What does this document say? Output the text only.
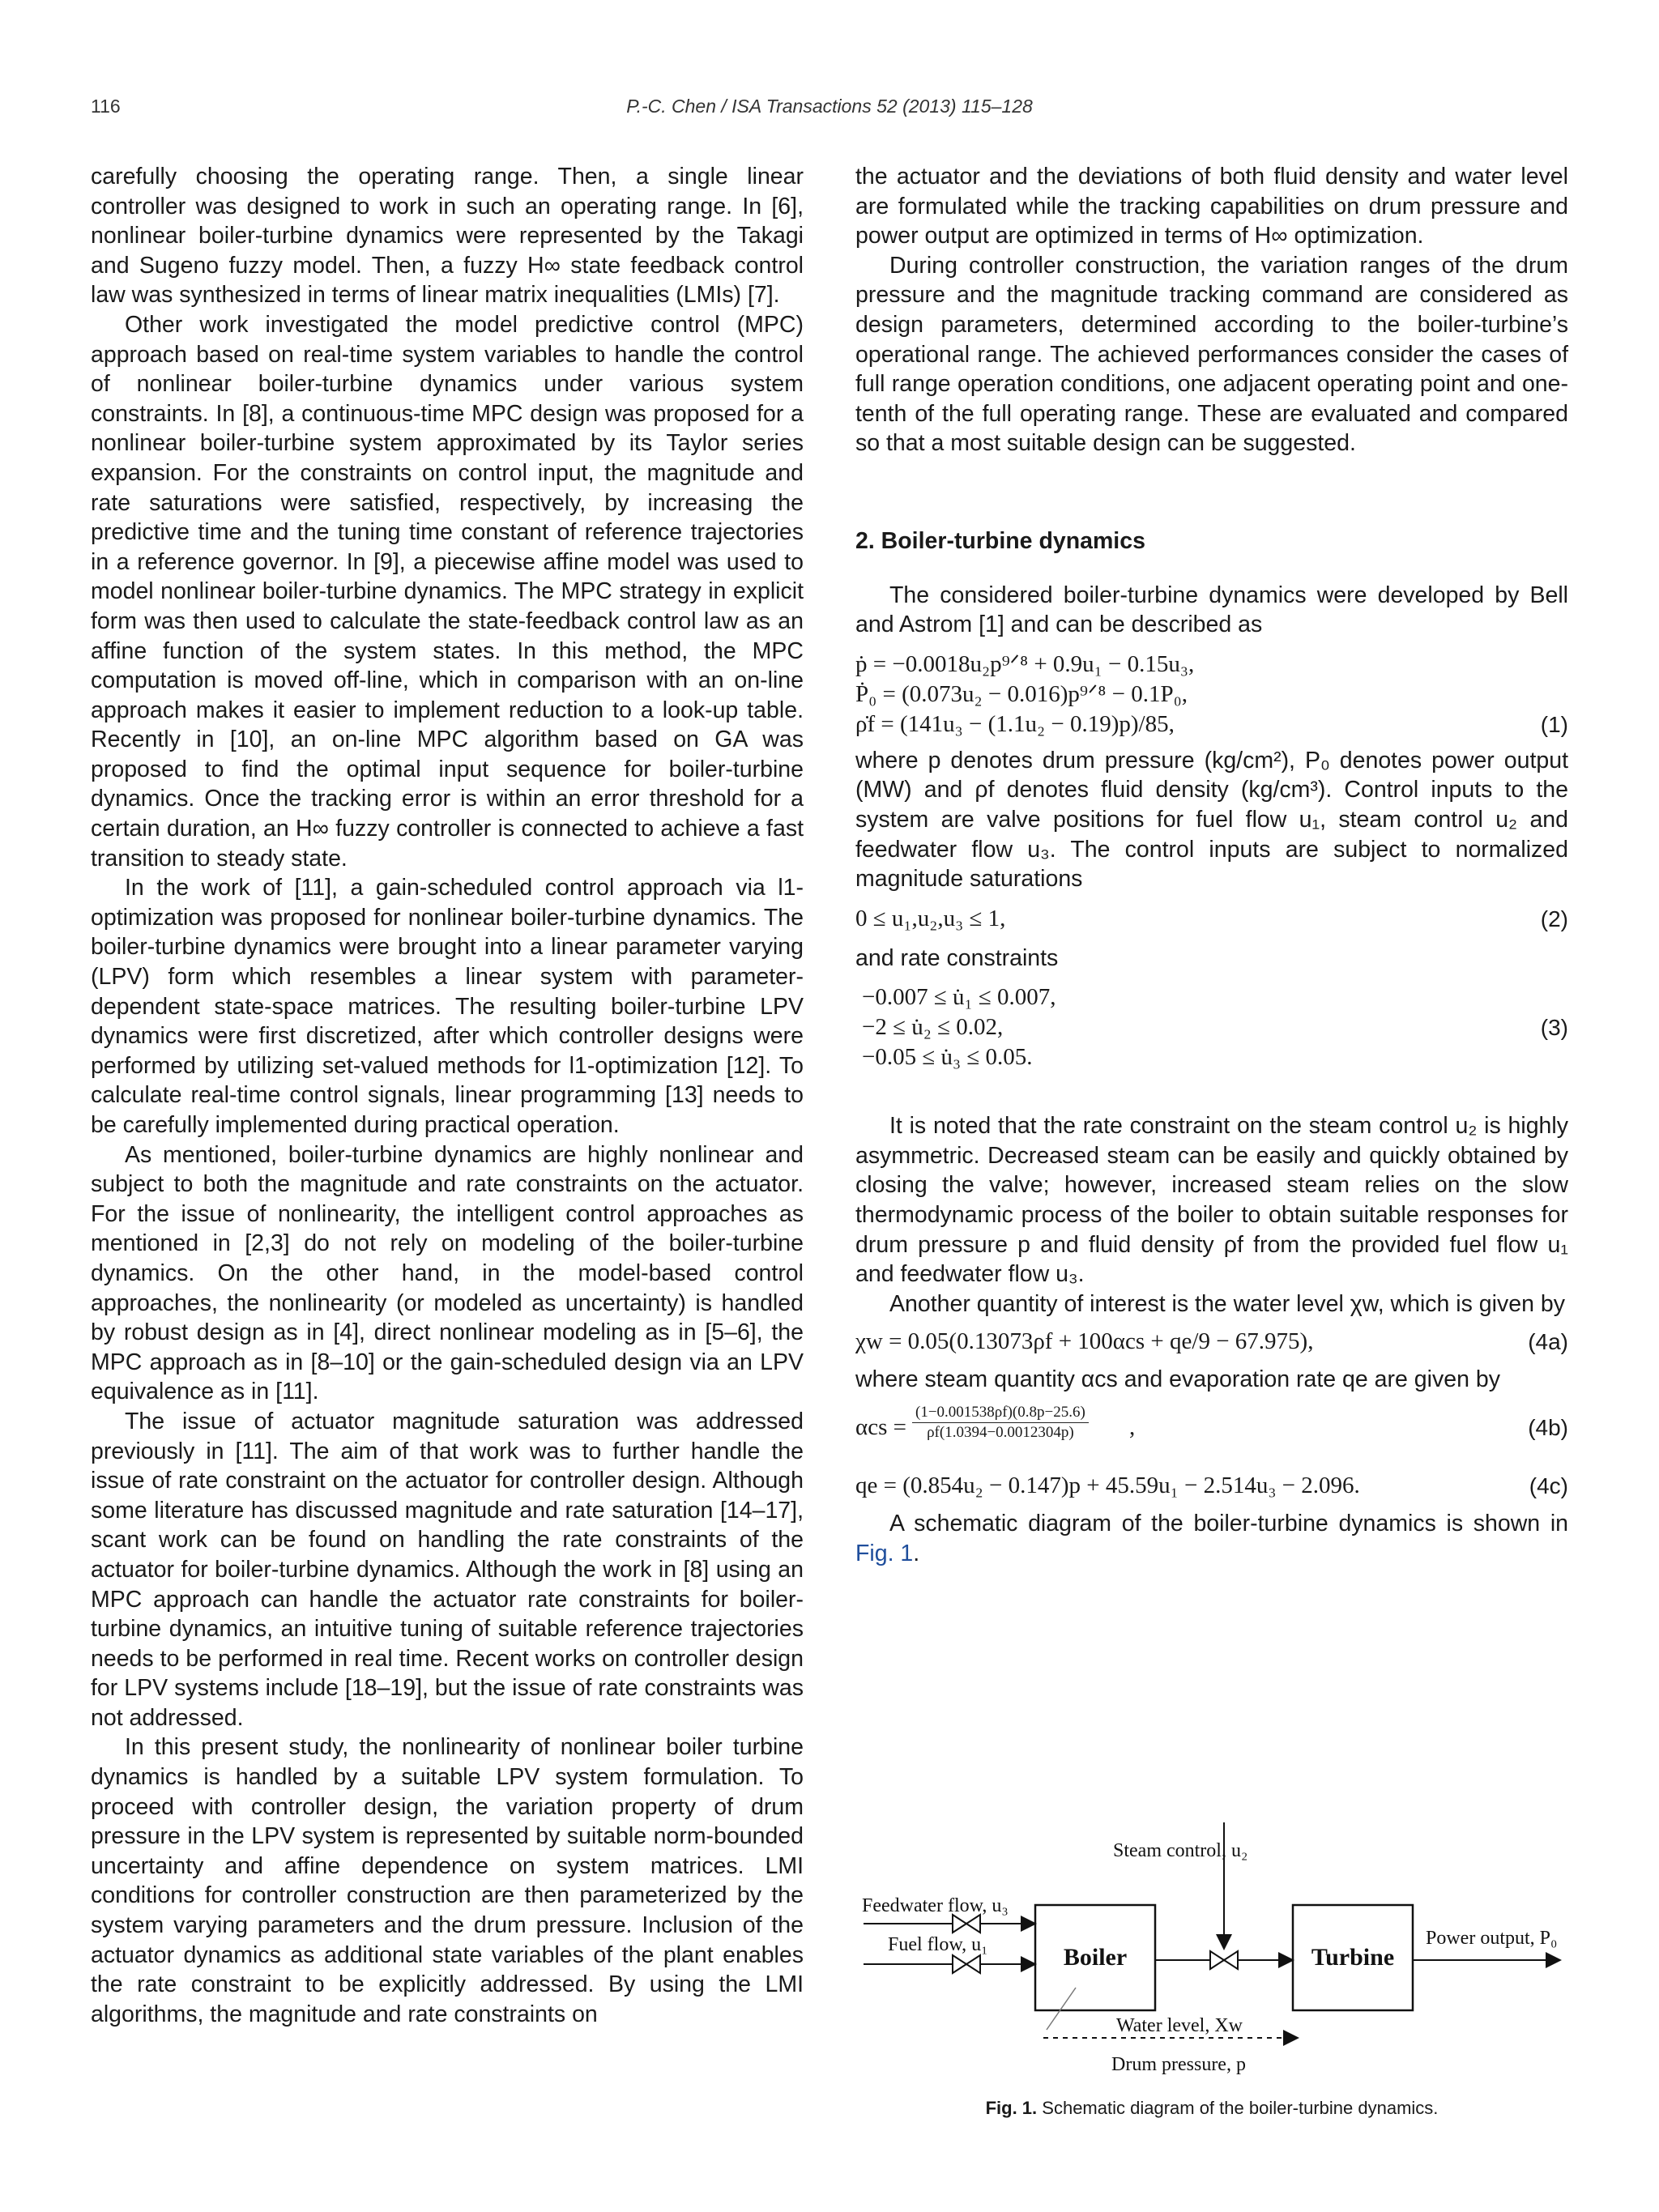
116	P.-C. Chen / ISA Transactions 52 (2013) 115–128

carefully choosing the operating range. Then, a single linear controller was designed to work in such an operating range. In [6], nonlinear boiler-turbine dynamics were represented by the Takagi and Sugeno fuzzy model. Then, a fuzzy H∞ state feedback control law was synthesized in terms of linear matrix inequalities (LMIs) [7].

Other work investigated the model predictive control (MPC) approach based on real-time system variables to handle the control of nonlinear boiler-turbine dynamics under various system constraints. In [8], a continuous-time MPC design was proposed for a nonlinear boiler-turbine system approximated by its Taylor series expansion. For the constraints on control input, the magnitude and rate saturations were satisfied, respectively, by increasing the predictive time and the tuning time constant of reference trajectories in a reference governor. In [9], a piecewise affine model was used to model nonlinear boiler-turbine dynamics. The MPC strategy in explicit form was then used to calculate the state-feedback control law as an affine function of the system states. In this method, the MPC computation is moved off-line, which in comparison with an on-line approach makes it easier to implement reduction to a look-up table. Recently in [10], an on-line MPC algorithm based on GA was proposed to find the optimal input sequence for boiler-turbine dynamics. Once the tracking error is within an error threshold for a certain duration, an H∞ fuzzy controller is connected to achieve a fast transition to steady state.

In the work of [11], a gain-scheduled control approach via l1-optimization was proposed for nonlinear boiler-turbine dynamics. The boiler-turbine dynamics were brought into a linear parameter varying (LPV) form which resembles a linear system with parameter-dependent state-space matrices. The resulting boiler-turbine LPV dynamics were first discretized, after which controller designs were performed by utilizing set-valued methods for l1-optimization [12]. To calculate real-time control signals, linear programming [13] needs to be carefully implemented during practical operation.

As mentioned, boiler-turbine dynamics are highly nonlinear and subject to both the magnitude and rate constraints on the actuator. For the issue of nonlinearity, the intelligent control approaches as mentioned in [2,3] do not rely on modeling of the boiler-turbine dynamics. On the other hand, in the model-based control approaches, the nonlinearity (or modeled as uncertainty) is handled by robust design as in [4], direct nonlinear modeling as in [5–6], the MPC approach as in [8–10] or the gain-scheduled design via an LPV equivalence as in [11].

The issue of actuator magnitude saturation was addressed previously in [11]. The aim of that work was to further handle the issue of rate constraint on the actuator for controller design. Although some literature has discussed magnitude and rate saturation [14–17], scant work can be found on handling the rate constraints of the actuator for boiler-turbine dynamics. Although the work in [8] using an MPC approach can handle the actuator rate constraints for boiler-turbine dynamics, an intuitive tuning of suitable reference trajectories needs to be performed in real time. Recent works on controller design for LPV systems include [18–19], but the issue of rate constraints was not addressed.

In this present study, the nonlinearity of nonlinear boiler turbine dynamics is handled by a suitable LPV system formulation. To proceed with controller design, the variation property of drum pressure in the LPV system is represented by suitable norm-bounded uncertainty and affine dependence on system matrices. LMI conditions for controller construction are then parameterized by the system varying parameters and the drum pressure. Inclusion of the actuator dynamics as additional state variables of the plant enables the rate constraint to be explicitly addressed. By using the LMI algorithms, the magnitude and rate constraints on

the actuator and the deviations of both fluid density and water level are formulated while the tracking capabilities on drum pressure and power output are optimized in terms of H∞ optimization.

During controller construction, the variation ranges of the drum pressure and the magnitude tracking command are considered as design parameters, determined according to the boiler-turbine’s operational range. The achieved performances consider the cases of full range operation conditions, one adjacent operating point and one-tenth of the full operating range. These are evaluated and compared so that a most suitable design can be suggested.

2. Boiler-turbine dynamics

The considered boiler-turbine dynamics were developed by Bell and Astrom [1] and can be described as

ṗ = −0.0018u₂p⁹ᐟ⁸ + 0.9u₁ − 0.15u₃,
Ṗ₀ = (0.073u₂ − 0.016)p⁹ᐟ⁸ − 0.1P₀,
ρ̇f = (141u₃ − (1.1u₂ − 0.19)p)/85,	(1)

where p denotes drum pressure (kg/cm²), P₀ denotes power output (MW) and ρf denotes fluid density (kg/cm³). Control inputs to the system are valve positions for fuel flow u₁, steam control u₂ and feedwater flow u₃. The control inputs are subject to normalized magnitude saturations

0 ≤ u₁,u₂,u₃ ≤ 1,	(2)

and rate constraints

−0.007 ≤ u̇₁ ≤ 0.007,
−2 ≤ u̇₂ ≤ 0.02,
−0.05 ≤ u̇₃ ≤ 0.05.
(3)

It is noted that the rate constraint on the steam control u₂ is highly asymmetric. Decreased steam can be easily and quickly obtained by closing the valve; however, increased steam relies on the slow thermodynamic process of the boiler to obtain suitable responses for drum pressure p and fluid density ρf from the provided fuel flow u₁ and feedwater flow u₃.

Another quantity of interest is the water level χw, which is given by

χw = 0.05(0.13073ρf + 100αcs + qe/9 − 67.975),	(4a)

where steam quantity αcs and evaporation rate qe are given by

$\alpha cs = \frac{(1-0.001538\rho f)(0.8p-25.6)}{\rho f(1.0394-0.0012304p)}$ ,	(4b)
qe = (0.854u₂ − 0.147)p + 45.59u₁ − 2.514u₃ − 2.096.	(4c)

A schematic diagram of the boiler-turbine dynamics is shown in Fig. 1.

Boiler	Turbine
Feedwater flow, u₃
Fuel flow, u₁
Steam control, u₂
Power output, P₀
Water level, Xw
Drum pressure, p
Fig. 1. Schematic diagram of the boiler-turbine dynamics.
